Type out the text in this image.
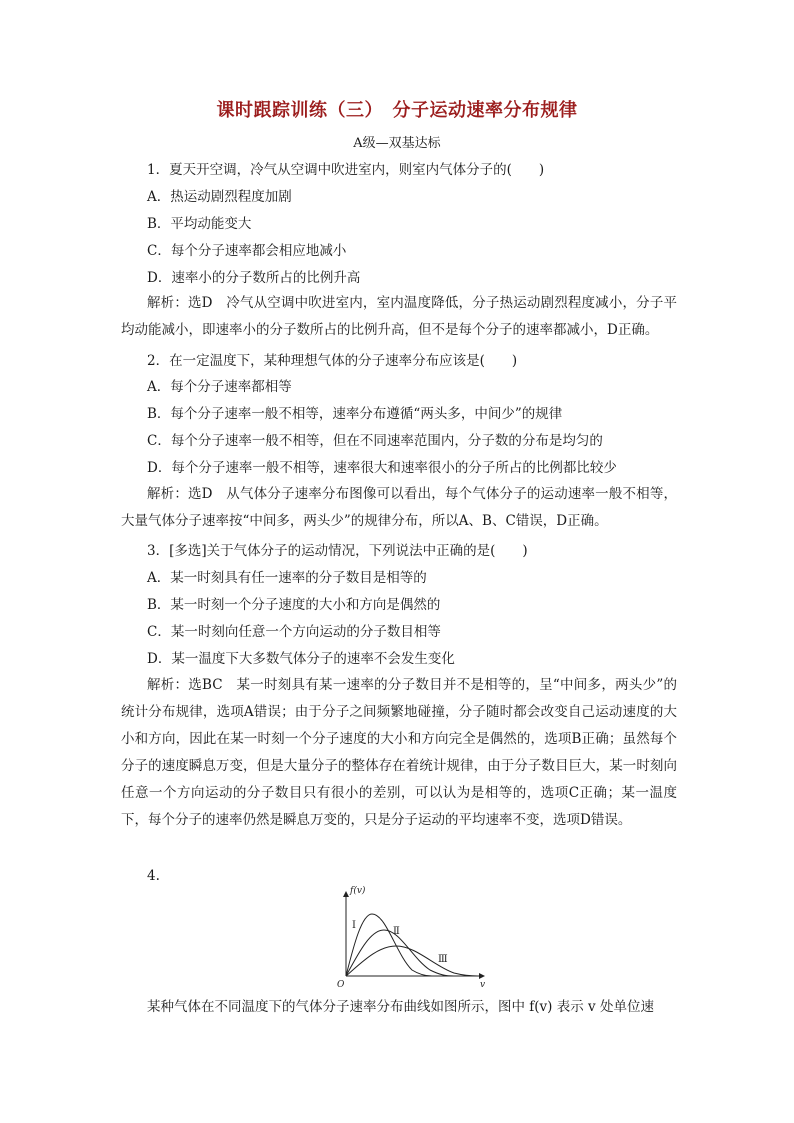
课时跟踪训练（三）　分子运动速率分布规律
A级—双基达标
1．夏天开空调，冷气从空调中吹进室内，则室内气体分子的(　　)
A．热运动剧烈程度加剧
B．平均动能变大
C．每个分子速率都会相应地减小
D．速率小的分子数所占的比例升高

解析：选D　冷气从空调中吹进室内，室内温度降低，分子热运动剧烈程度减小，分子平均动能减小，即速率小的分子数所占的比例升高，但不是每个分子的速率都减小，D正确。

2．在一定温度下，某种理想气体的分子速率分布应该是(　　)
A．每个分子速率都相等
B．每个分子速率一般不相等，速率分布遵循“两头多，中间少”的规律
C．每个分子速率一般不相等，但在不同速率范围内，分子数的分布是均匀的
D．每个分子速率一般不相等，速率很大和速率很小的分子所占的比例都比较少

解析：选D　从气体分子速率分布图像可以看出，每个气体分子的运动速率一般不相等，大量气体分子速率按“中间多，两头少”的规律分布，所以A、B、C错误，D正确。

3．[多选]关于气体分子的运动情况，下列说法中正确的是(　　)
A．某一时刻具有任一速率的分子数目是相等的
B．某一时刻一个分子速度的大小和方向是偶然的
C．某一时刻向任意一个方向运动的分子数目相等
D．某一温度下大多数气体分子的速率不会发生变化

解析：选BC　某一时刻具有某一速率的分子数目并不是相等的，呈“中间多，两头少”的统计分布规律，选项A错误；由于分子之间频繁地碰撞，分子随时都会改变自己运动速度的大小和方向，因此在某一时刻一个分子速度的大小和方向完全是偶然的，选项B正确；虽然每个分子的速度瞬息万变，但是大量分子的整体存在着统计规律，由于分子数目巨大，某一时刻向任意一个方向运动的分子数目只有很小的差别，可以认为是相等的，选项C正确；某一温度下，每个分子的速率仍然是瞬息万变的，只是分子运动的平均速率不变，选项D错误。

4.
f(v)
v
O
Ⅰ
Ⅱ
Ⅲ

某种气体在不同温度下的气体分子速率分布曲线如图所示，图中 f(v) 表示 v 处单位速
